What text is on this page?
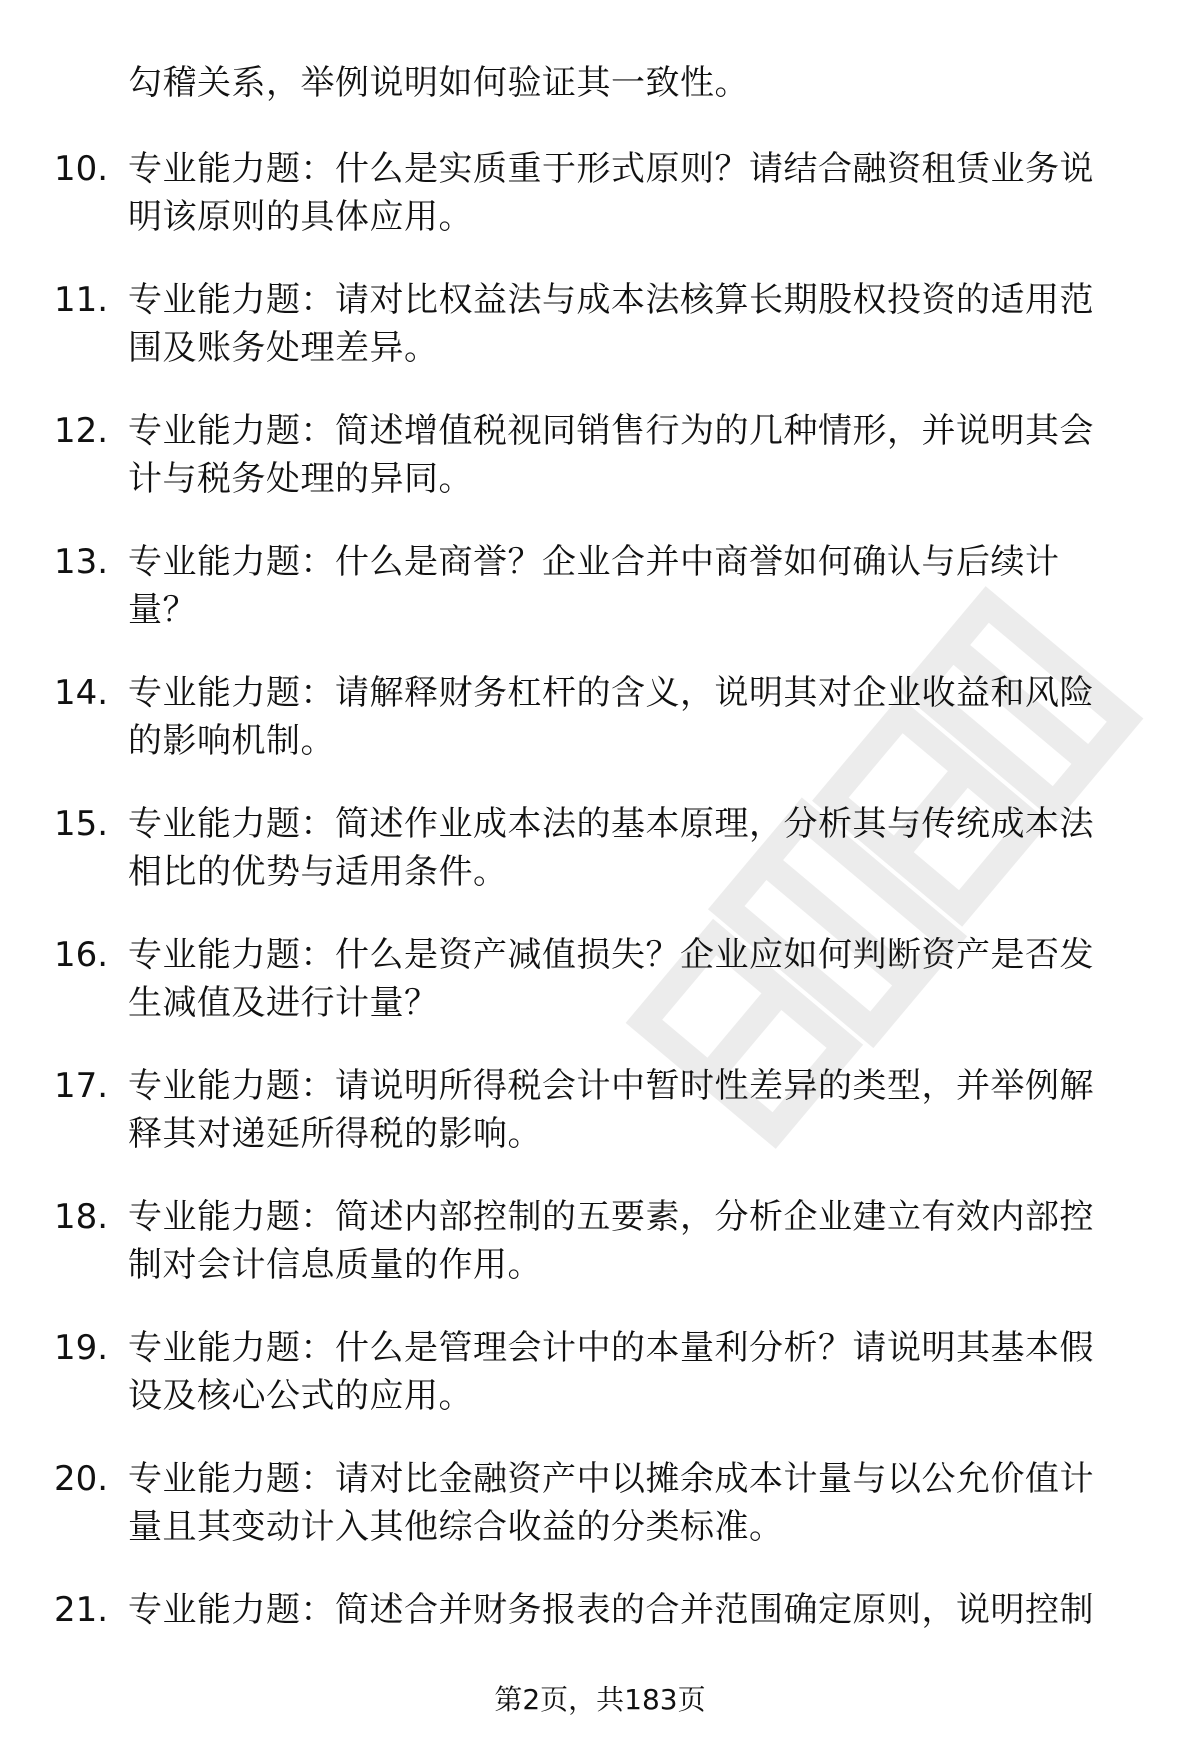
勾稽关系，举例说明如何验证其一致性。
10. 专业能力题：什么是实质重于形式原则？请结合融资租赁业务说
明该原则的具体应用。
11. 专业能力题：请对比权益法与成本法核算长期股权投资的适用范
围及账务处理差异。
12. 专业能力题：简述增值税视同销售行为的几种情形，并说明其会
计与税务处理的异同。
13. 专业能力题：什么是商誉？企业合并中商誉如何确认与后续计
量？
14. 专业能力题：请解释财务杠杆的含义，说明其对企业收益和风险
的影响机制。
15. 专业能力题：简述作业成本法的基本原理，分析其与传统成本法
相比的优势与适用条件。
16. 专业能力题：什么是资产减值损失？企业应如何判断资产是否发
生减值及进行计量？
17. 专业能力题：请说明所得税会计中暂时性差异的类型，并举例解
释其对递延所得税的影响。
18. 专业能力题：简述内部控制的五要素，分析企业建立有效内部控
制对会计信息质量的作用。
19. 专业能力题：什么是管理会计中的本量利分析？请说明其基本假
设及核心公式的应用。
20. 专业能力题：请对比金融资产中以摊余成本计量与以公允价值计
量且其变动计入其他综合收益的分类标准。
21. 专业能力题：简述合并财务报表的合并范围确定原则，说明控制
第2页，共183页
